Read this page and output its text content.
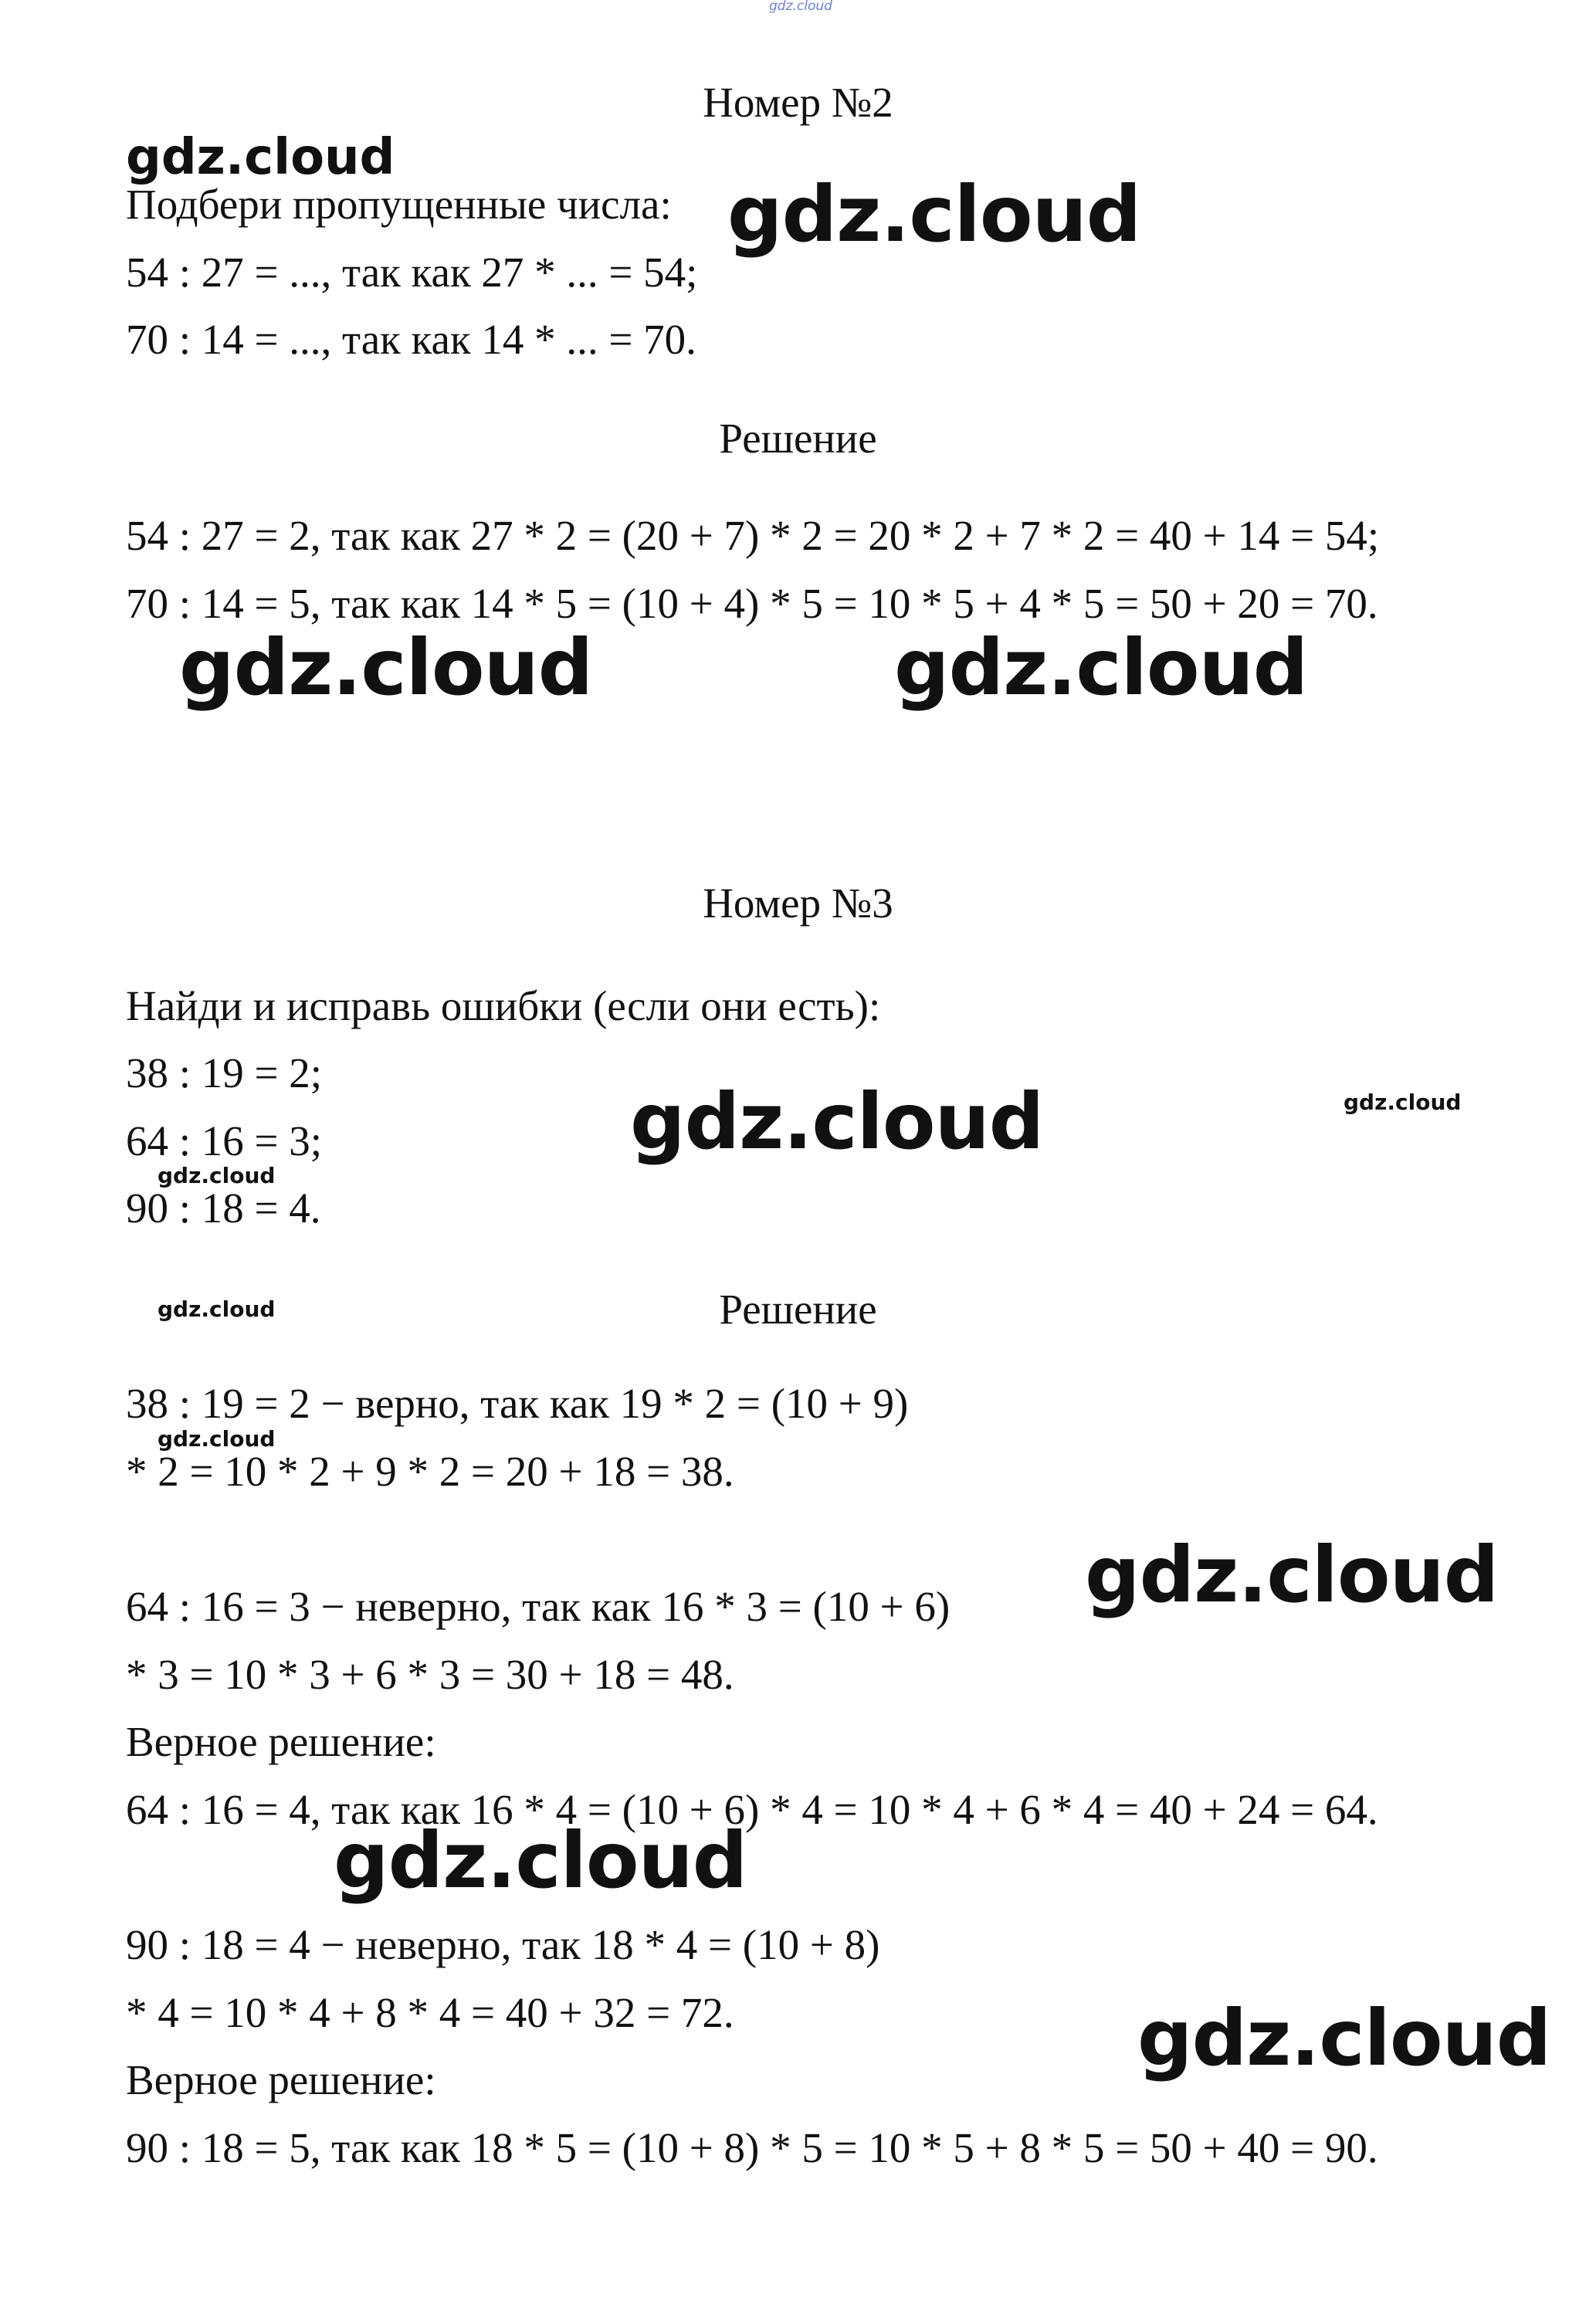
Номер №2
Подбери пропущенные числа:
54 : 27 = ..., так как 27 * ... = 54;
70 : 14 = ..., так как 14 * ... = 70.
Решение
54 : 27 = 2, так как 27 * 2 = (20 + 7) * 2 = 20 * 2 + 7 * 2 = 40 + 14 = 54;
70 : 14 = 5, так как 14 * 5 = (10 + 4) * 5 = 10 * 5 + 4 * 5 = 50 + 20 = 70.
Номер №3
Найди и исправь ошибки (если они есть):
38 : 19 = 2;
64 : 16 = 3;
90 : 18 = 4.
Решение
38 : 19 = 2 − верно, так как 19 * 2 = (10 + 9)
* 2 = 10 * 2 + 9 * 2 = 20 + 18 = 38.
64 : 16 = 3 − неверно, так как 16 * 3 = (10 + 6)
* 3 = 10 * 3 + 6 * 3 = 30 + 18 = 48.
Верное решение:
64 : 16 = 4, так как 16 * 4 = (10 + 6) * 4 = 10 * 4 + 6 * 4 = 40 + 24 = 64.
90 : 18 = 4 − неверно, так 18 * 4 = (10 + 8)
* 4 = 10 * 4 + 8 * 4 = 40 + 32 = 72.
Верное решение:
90 : 18 = 5, так как 18 * 5 = (10 + 8) * 5 = 10 * 5 + 8 * 5 = 50 + 40 = 90.
gdz.cloud
gdz.cloud
gdz.cloud
gdz.cloud	gdz.cloud
gdz.cloud	gdz.cloud
gdz.cloud
gdz.cloud
gdz.cloud
gdz.cloud
gdz.cloud
gdz.cloud
